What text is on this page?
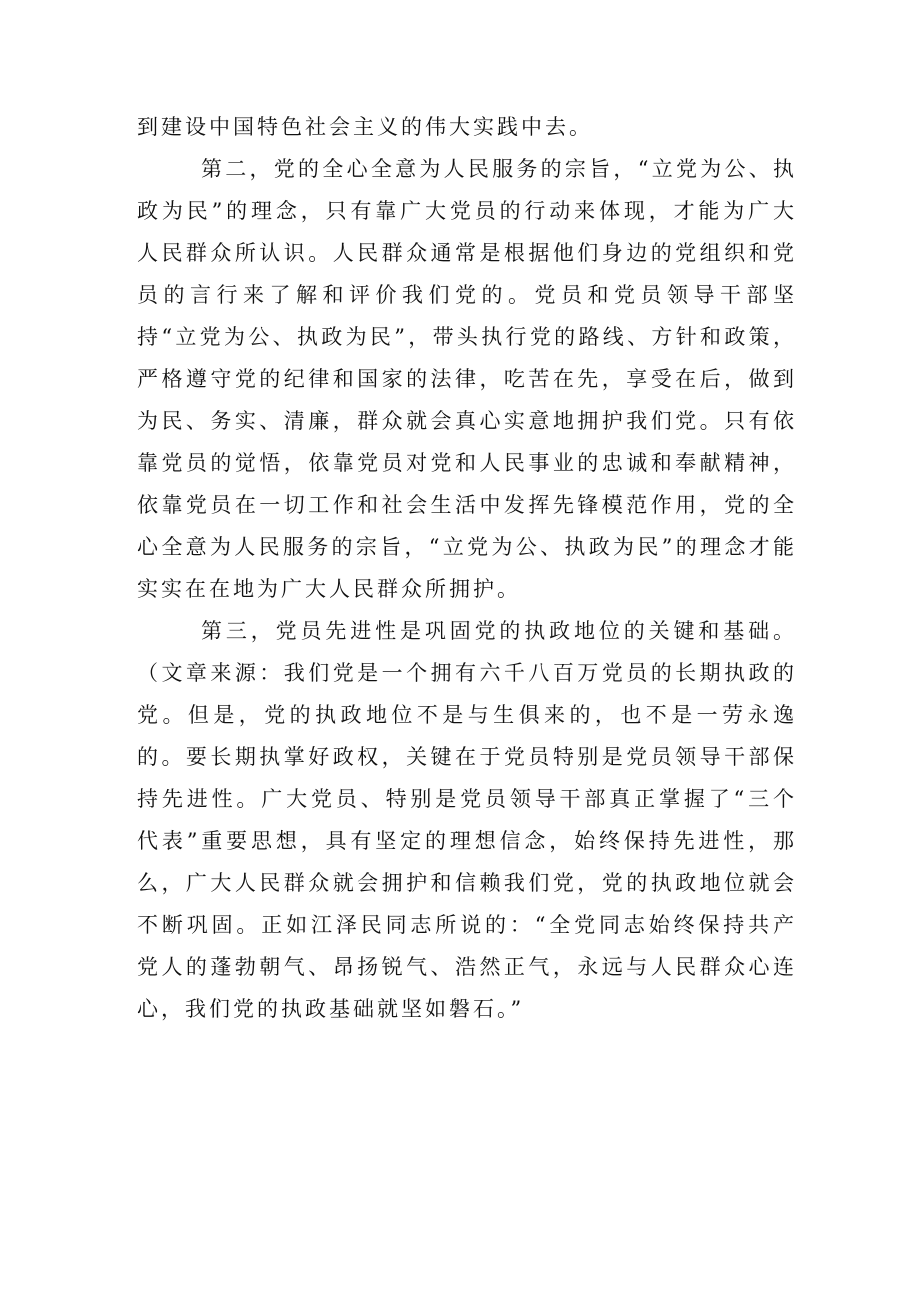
到建设中国特色社会主义的伟大实践中去。

第二，党的全心全意为人民服务的宗旨，“立党为公、执政为民”的理念，只有靠广大党员的行动来体现，才能为广大人民群众所认识。人民群众通常是根据他们身边的党组织和党员的言行来了解和评价我们党的。党员和党员领导干部坚持“立党为公、执政为民”，带头执行党的路线、方针和政策，严格遵守党的纪律和国家的法律，吃苦在先，享受在后，做到为民、务实、清廉，群众就会真心实意地拥护我们党。只有依靠党员的觉悟，依靠党员对党和人民事业的忠诚和奉献精神，依靠党员在一切工作和社会生活中发挥先锋模范作用，党的全心全意为人民服务的宗旨，“立党为公、执政为民”的理念才能实实在在地为广大人民群众所拥护。

第三，党员先进性是巩固党的执政地位的关键和基础。（文章来源：我们党是一个拥有六千八百万党员的长期执政的党。但是，党的执政地位不是与生俱来的，也不是一劳永逸的。要长期执掌好政权，关键在于党员特别是党员领导干部保持先进性。广大党员、特别是党员领导干部真正掌握了“三个代表”重要思想，具有坚定的理想信念，始终保持先进性，那么，广大人民群众就会拥护和信赖我们党，党的执政地位就会不断巩固。正如江泽民同志所说的：“全党同志始终保持共产党人的蓬勃朝气、昂扬锐气、浩然正气，永远与人民群众心连心，我们党的执政基础就坚如磐石。”
